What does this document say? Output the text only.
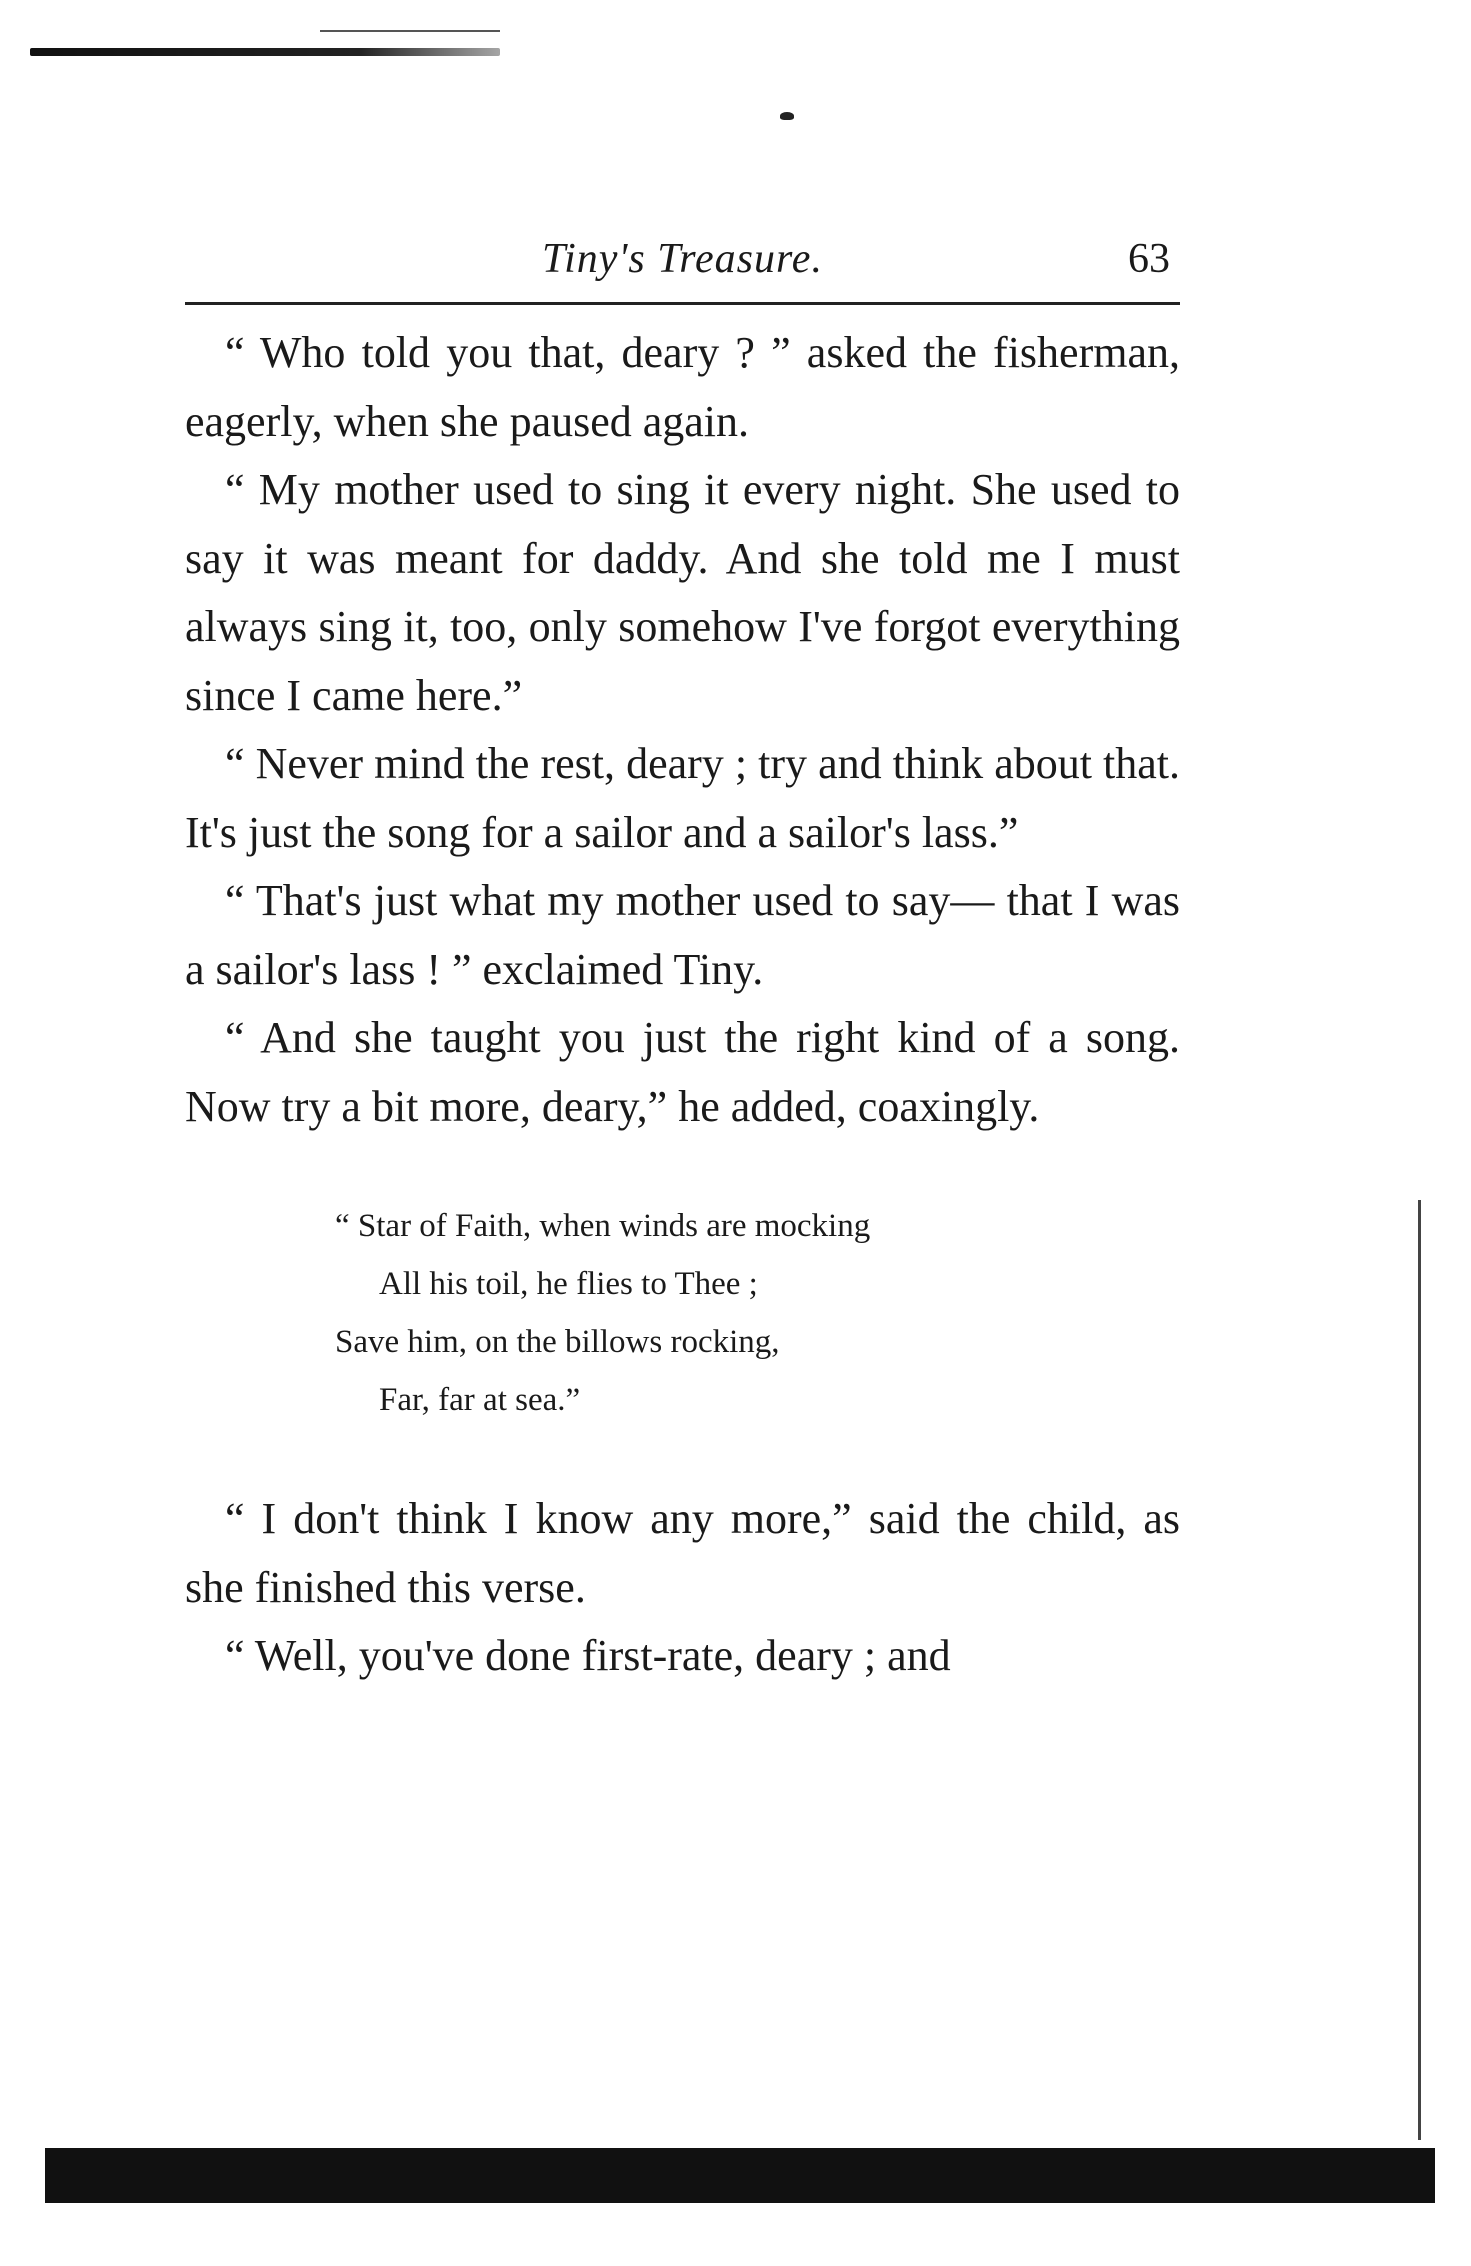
Tiny's Treasure.	63

“ Who told you that, deary ? ” asked the fisherman, eagerly, when she paused again.

“ My mother used to sing it every night. She used to say it was meant for daddy. And she told me I must always sing it, too, only somehow I've forgot everything since I came here.”

“ Never mind the rest, deary ; try and think about that. It's just the song for a sailor and a sailor's lass.”

“ That's just what my mother used to say— that I was a sailor's lass ! ” exclaimed Tiny.

“ And she taught you just the right kind of a song. Now try a bit more, deary,” he added, coaxingly.

“ Star of Faith, when winds are mocking
All his toil, he flies to Thee ;
Save him, on the billows rocking,
Far, far at sea.”

“ I don't think I know any more,” said the child, as she finished this verse.

“ Well, you've done first-rate, deary ; and
